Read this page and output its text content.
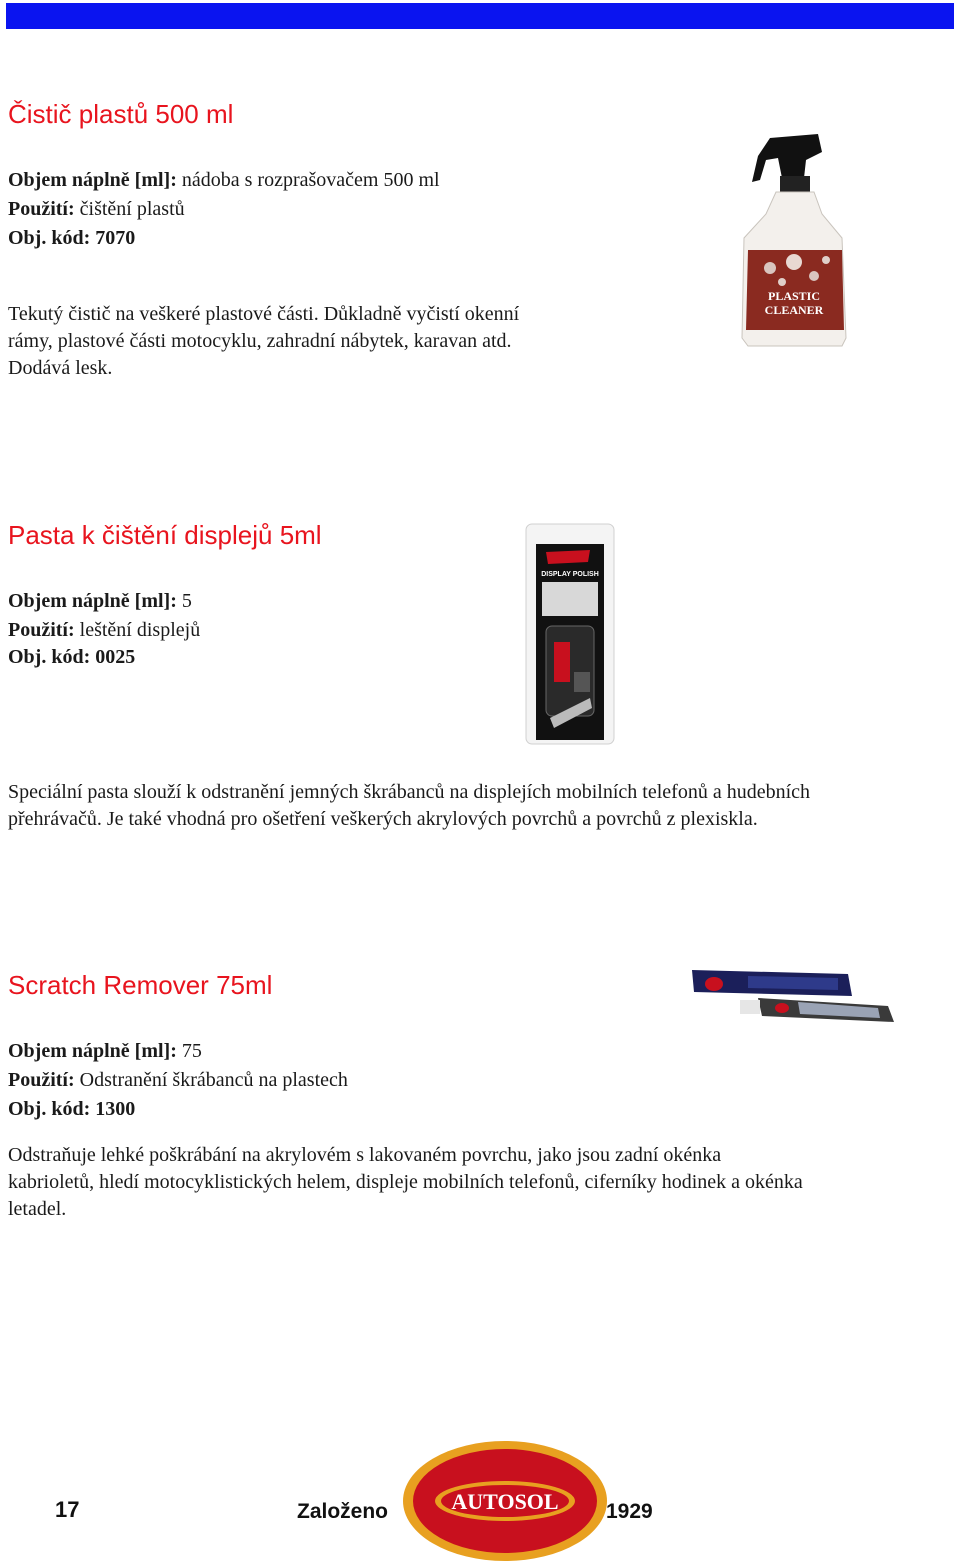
Čistič plastů 500 ml
Objem náplně [ml]: nádoba s rozprašovačem 500 ml
Použití: čištění plastů
Obj. kód: 7070
Tekutý čistič na veškeré plastové části. Důkladně vyčistí okenní
rámy, plastové části motocyklu, zahradní nábytek, karavan atd.
Dodává lesk.
PLASTIC
CLEANER
Pasta k čištění displejů 5ml
Objem náplně [ml]: 5
Použití: leštění displejů
Obj. kód: 0025
Speciální pasta slouží k odstranění jemných škrábanců na displejích mobilních telefonů a hudebních
přehrávačů. Je také vhodná pro ošetření veškerých akrylových povrchů a povrchů z plexiskla.
DISPLAY POLISH
Scratch Remover 75ml
Objem náplně [ml]: 75
Použití: Odstranění škrábanců na plastech
Obj. kód: 1300
Odstraňuje lehké poškrábání na akrylovém s lakovaném povrchu, jako jsou zadní okénka
kabrioletů, hledí motocyklistických helem, displeje mobilních telefonů, ciferníky hodinek a okénka
letadel.
17	Založeno	AUTOSOL 1929
